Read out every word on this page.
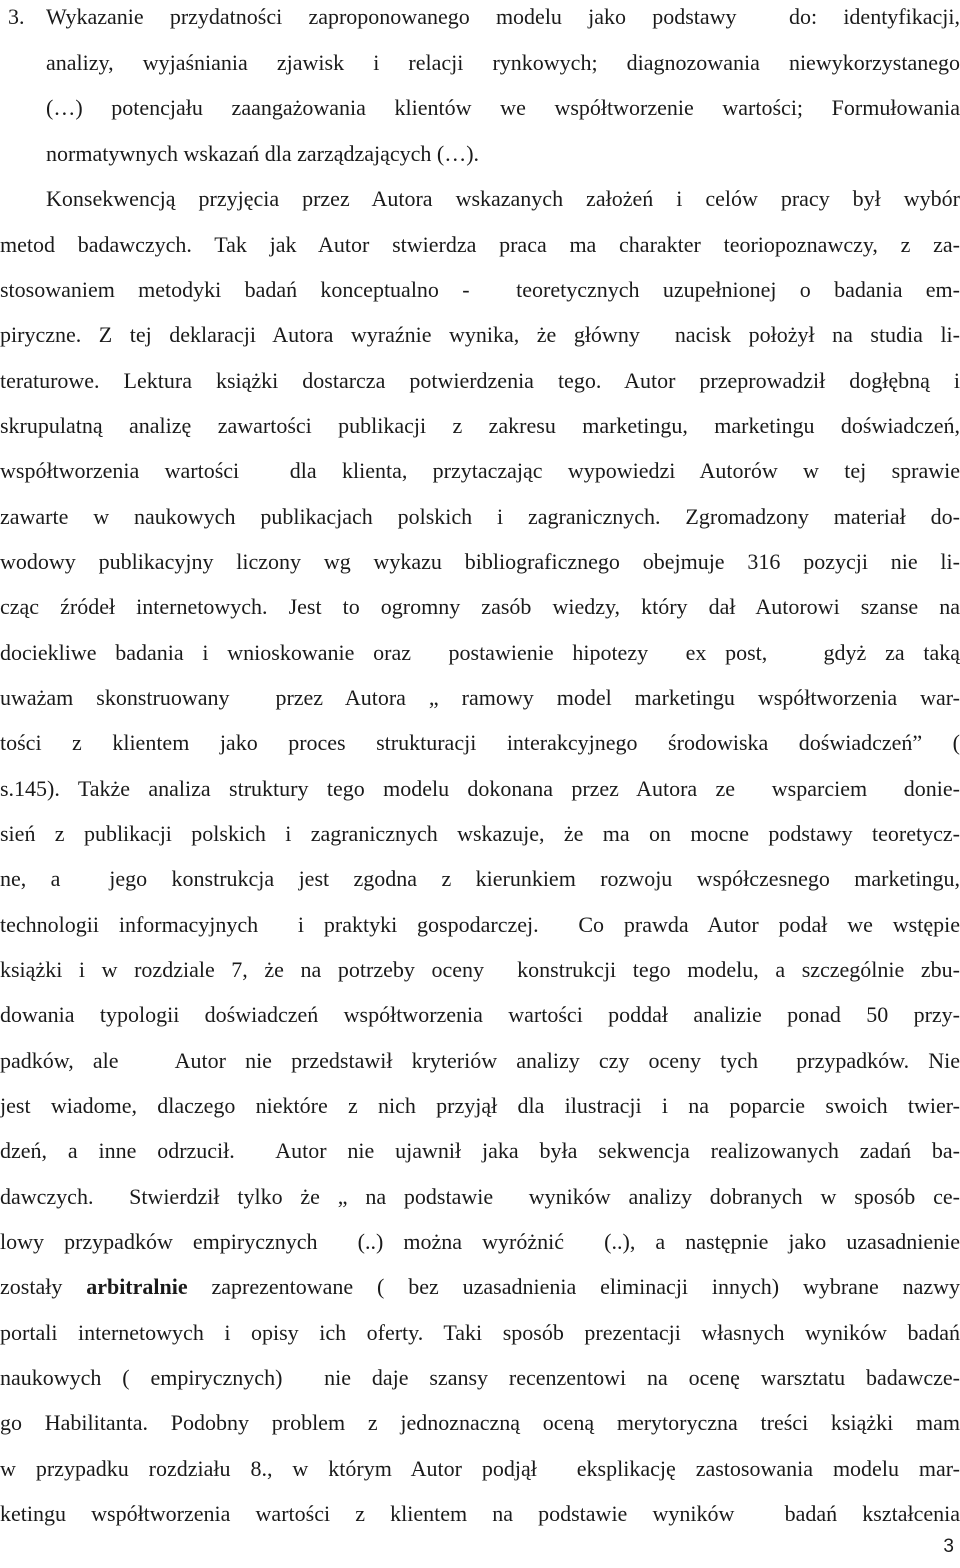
3. Wykazanie przydatności zaproponowanego modelu jako podstawy  do: identyfikacji,
analizy, wyjaśniania zjawisk i relacji rynkowych; diagnozowania niewykorzystanego
(…) potencjału zaangażowania klientów we współtworzenie wartości; Formułowania
normatywnych wskazań dla zarządzających (…).
Konsekwencją przyjęcia przez Autora wskazanych założeń i celów pracy był wybór
metod badawczych. Tak jak Autor stwierdza praca ma charakter teoriopoznawczy, z za-
stosowaniem metodyki badań konceptualno -  teoretycznych uzupełnionej o badania em-
piryczne. Z tej deklaracji Autora wyraźnie wynika, że główny  nacisk położył na studia li-
teraturowe. Lektura książki dostarcza potwierdzenia tego. Autor przeprowadził dogłębną i
skrupulatną analizę zawartości publikacji z zakresu marketingu, marketingu doświadczeń,
współtworzenia wartości  dla klienta, przytaczając wypowiedzi Autorów w tej sprawie
zawarte w naukowych publikacjach polskich i zagranicznych. Zgromadzony materiał do-
wodowy publikacyjny liczony wg wykazu bibliograficznego obejmuje 316 pozycji nie li-
cząc źródeł internetowych. Jest to ogromny zasób wiedzy, który dał Autorowi szanse na
dociekliwe badania i wnioskowanie oraz  postawienie hipotezy  ex post,   gdyż za taką
uważam skonstruowany  przez Autora „ ramowy model marketingu współtworzenia war-
tości z klientem jako proces strukturacji interakcyjnego środowiska doświadczeń” (
s.145). Także analiza struktury tego modelu dokonana przez Autora ze  wsparciem  donie-
sień z publikacji polskich i zagranicznych wskazuje, że ma on mocne podstawy teoretycz-
ne, a  jego konstrukcja jest zgodna z kierunkiem rozwoju współczesnego marketingu,
technologii informacyjnych  i praktyki gospodarczej.  Co prawda Autor podał we wstępie
książki i w rozdziale 7, że na potrzeby oceny  konstrukcji tego modelu, a szczególnie zbu-
dowania typologii doświadczeń współtworzenia wartości poddał analizie ponad 50 przy-
padków, ale   Autor nie przedstawił kryteriów analizy czy oceny tych  przypadków. Nie
jest wiadome, dlaczego niektóre z nich przyjął dla ilustracji i na poparcie swoich twier-
dzeń, a inne odrzucił.  Autor nie ujawnił jaka była sekwencja realizowanych zadań ba-
dawczych.  Stwierdził tylko że „ na podstawie  wyników analizy dobranych w sposób ce-
lowy przypadków empirycznych  (..) można wyróżnić  (..), a następnie jako uzasadnienie
zostały arbitralnie zaprezentowane ( bez uzasadnienia eliminacji innych) wybrane nazwy
portali internetowych i opisy ich oferty. Taki sposób prezentacji własnych wyników badań
naukowych ( empirycznych)  nie daje szansy recenzentowi na ocenę warsztatu badawcze-
go Habilitanta. Podobny problem z jednoznaczną oceną merytoryczna treści książki mam
w przypadku rozdziału 8., w którym Autor podjął  eksplikację zastosowania modelu mar-
ketingu współtworzenia wartości z klientem na podstawie wyników  badań kształcenia
3
